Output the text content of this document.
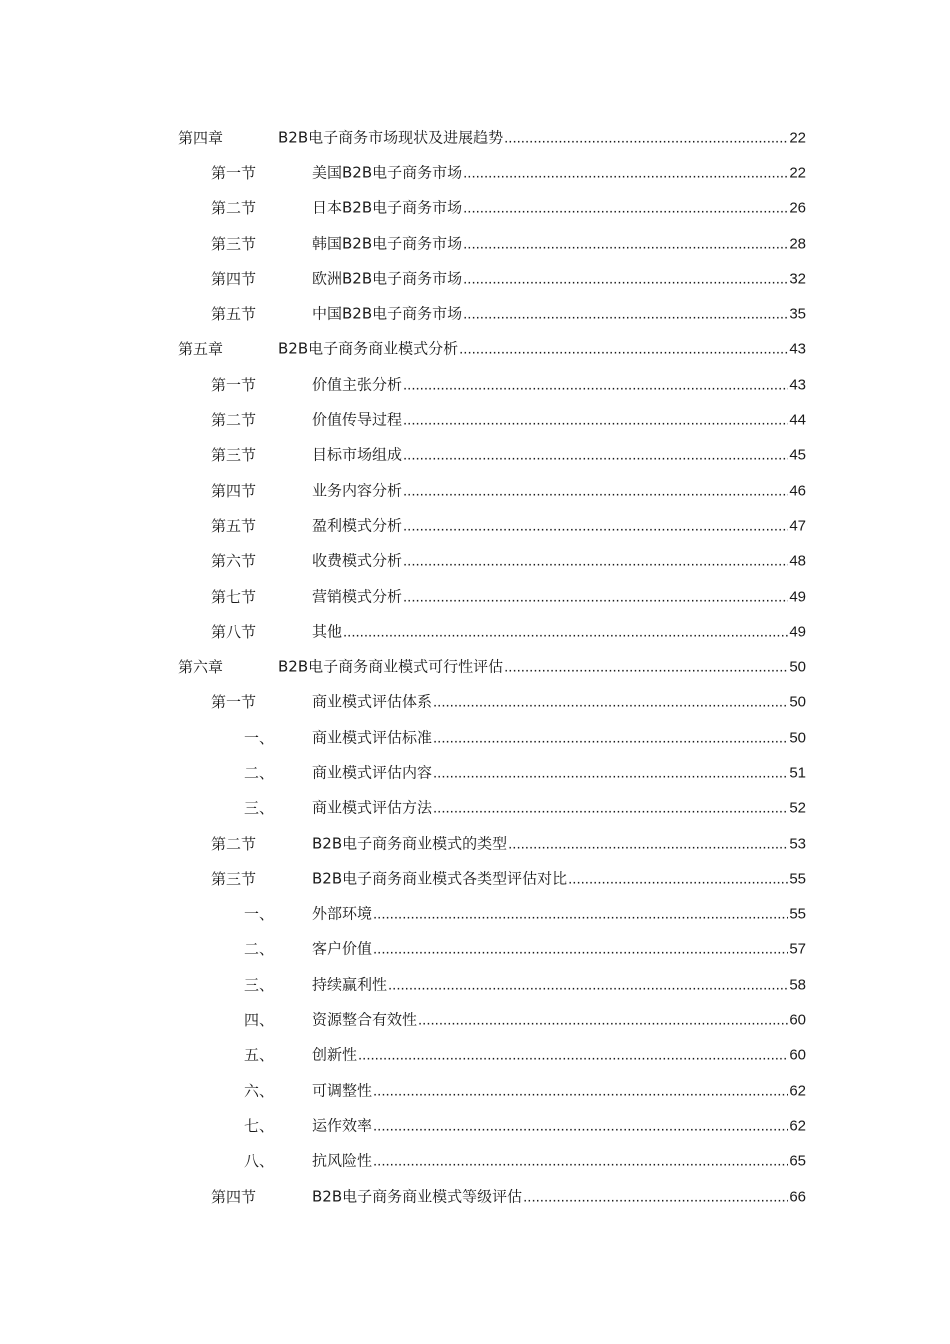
第四章	B2B电子商务市场现状及进展趋势 .....	22
第一节	美国B2B电子商务市场 .....	22
第二节	日本B2B电子商务市场 .....	26
第三节	韩国B2B电子商务市场 .....	28
第四节	欧洲B2B电子商务市场 .....	32
第五节	中国B2B电子商务市场 .....	35
第五章	B2B电子商务商业模式分析 .....	43
第一节	价值主张分析 .....	43
第二节	价值传导过程 .....	44
第三节	目标市场组成 .....	45
第四节	业务内容分析 .....	46
第五节	盈利模式分析 .....	47
第六节	收费模式分析 .....	48
第七节	营销模式分析 .....	49
第八节	其他 .....	49
第六章	B2B电子商务商业模式可行性评估 .....	50
第一节	商业模式评估体系 .....	50
一、	商业模式评估标准 .....	50
二、	商业模式评估内容 .....	51
三、	商业模式评估方法 .....	52
第二节	B2B电子商务商业模式的类型 .....	53
第三节	B2B电子商务商业模式各类型评估对比 .....	55
一、	外部环境 .....	55
二、	客户价值 .....	57
三、	持续赢利性 .....	58
四、	资源整合有效性 .....	60
五、	创新性 .....	60
六、	可调整性 .....	62
七、	运作效率 .....	62
八、	抗风险性 .....	65
第四节	B2B电子商务商业模式等级评估 .....	66
